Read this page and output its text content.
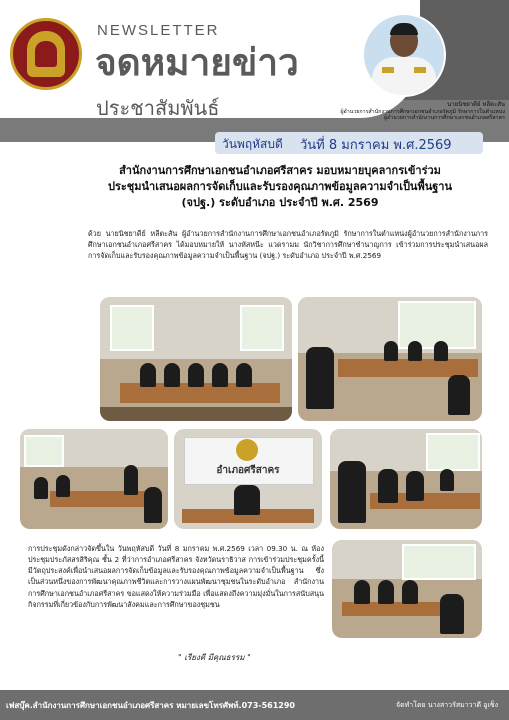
NEWSLETTER
จดหมายข่าว
ประชาสัมพันธ์	นายนิชยาดีย์ หลีตะสัน
ผู้อำนวยการสำนักงานการศึกษาเอกชนอำเภอรัตภูมิ รักษาการในตำแหน่ง
ผู้อำนวยการสำนักงานการศึกษาเอกชนอำเภอศรีสาคร
วันพฤหัสบดี วันที่ 8 มกราคม พ.ศ.2569
สำนักงานการศึกษาเอกชนอำเภอศรีสาคร มอบหมายบุคลากรเข้าร่วม
ประชุมนำเสนอผลการจัดเก็บและรับรองคุณภาพข้อมูลความจำเป็นพื้นฐาน
(จปฐ.) ระดับอำเภอ ประจำปี พ.ศ. 2569
ด้วย นายนิชยาดีย์ หลีตะสัน ผู้อำนวยการสำนักงานการศึกษาเอกชนอำเภอรัตภูมิ รักษาการในตำแหน่งผู้อำนวยการสำนักงานการศึกษาเอกชนอำเภอศรีสาคร ได้มอบหมายให้ นางหัสหนีะ แวดรามม นักวิชาการศึกษาชำนาญการ เข้าร่วมการประชุมนำเสนอผลการจัดเก็บและรับรองคุณภาพข้อมูลความจำเป็นพื้นฐาน (จปฐ.) ระดับอำเภอ ประจำปี พ.ศ.2569
อำเภอศรีสาคร
การประชุมดังกล่าวจัดขึ้นใน วันพฤหัสบดี วันที่ 8 มกราคม พ.ศ.2569 เวลา 09.30 น. ณ ห้องประชุมประภัสสรสิริคุณ ชั้น 2 ที่ว่าการอำเภอศรีสาคร จังหวัดนราธิวาส การเข้าร่วมประชุมครั้งนี้มีวัตถุประสงค์เพื่อนำเสนอผลการจัดเก็บข้อมูลและรับรองคุณภาพข้อมูลความจำเป็นพื้นฐาน ซึ่งเป็นส่วนหนึ่งของการพัฒนาคุณภาพชีวิตและการวางแผนพัฒนาชุมชนในระดับอำเภอ สำนักงานการศึกษาเอกชนอำเภอศรีสาคร ขอแสดงให้ความร่วมมือ เพื่อแสดงถึงความมุ่งมั่นในการสนับสนุนกิจกรรมที่เกี่ยวข้องกับการพัฒนาสังคมและการศึกษาของชุมชน
" เรียงคี มีคุณธรรม "
เฟสบุ๊ค.สำนักงานการศึกษาเอกชนอำเภอศรีสาคร หมายเลขโทรศัพท์.073-561290	จัดทำโดย นางสาวรัสมาวาดี อูเซ็ง
